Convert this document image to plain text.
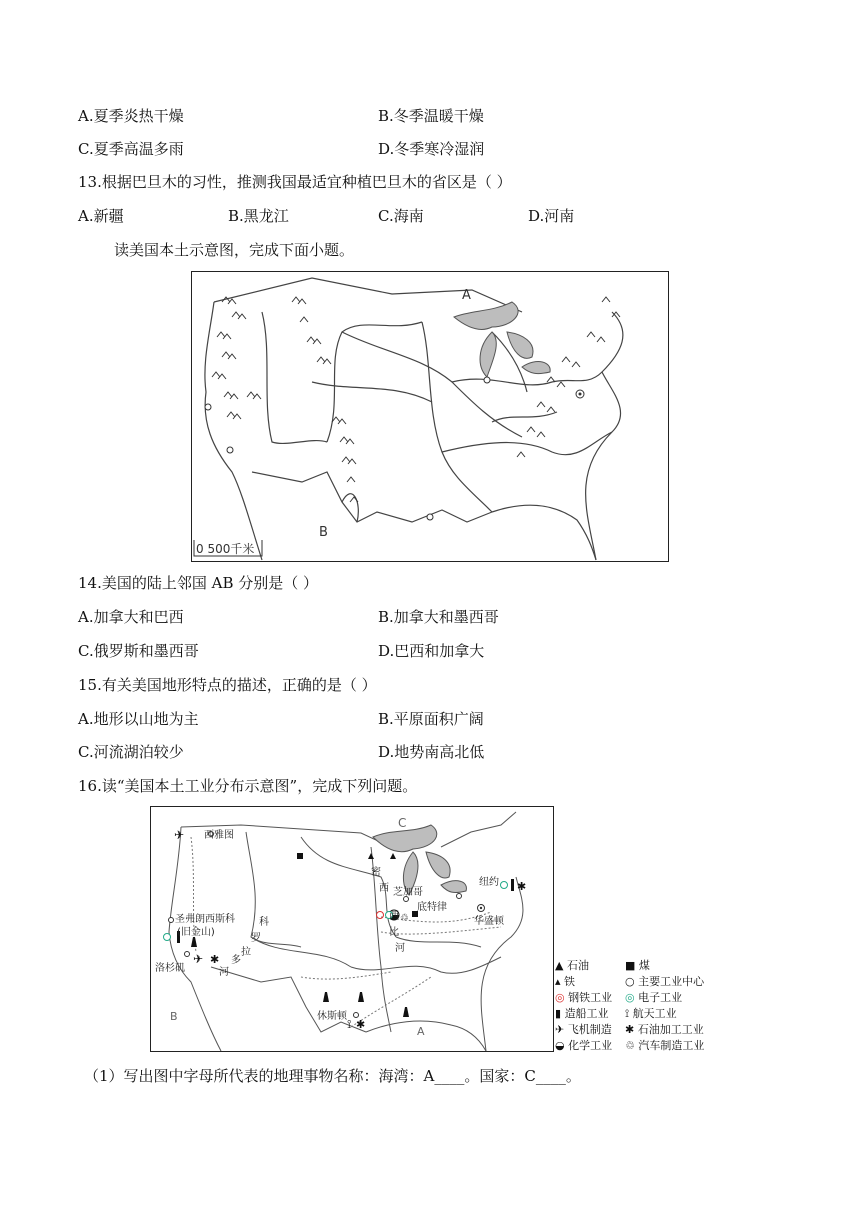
A.夏季炎热干燥	B.冬季温暖干燥
C.夏季高温多雨	D.冬季寒冷湿润
13.根据巴旦木的习性，推测我国最适宜种植巴旦木的省区是（ ）
A.新疆	B.黑龙江	C.海南	D.河南
读美国本土示意图，完成下面小题。
A
B
0 500千米
14.美国的陆上邻国 AB 分别是（ ）
A.加拿大和巴西	B.加拿大和墨西哥
C.俄罗斯和墨西哥	D.巴西和加拿大
15.有关美国地形特点的描述，正确的是（ ）
A.地形以山地为主	B.平原面积广阔
C.河流湖泊较少	D.地势南高北低
16.读“美国本土工业分布示意图”，完成下列问题。
✱
✱
✱
✈
✈
⟟
♲
C
B
A
西雅图
圣弗朗西斯科
(旧金山)
洛杉矶
科
罗
拉
多
河
密
西
西
比
河
芝加哥
底特律
纽约
华盛顿
休斯顿
▲ 石油	■ 煤
▴ 铁	○ 主要工业中心
◎ 钢铁工业 ◎ 电子工业
▮ 造船工业 ⟟ 航天工业
✈ 飞机制造 ✱ 石油加工工业
◒ 化学工业 ♲ 汽车制造工业
（1）写出图中字母所代表的地理事物名称：海湾：A____。国家：C____。
